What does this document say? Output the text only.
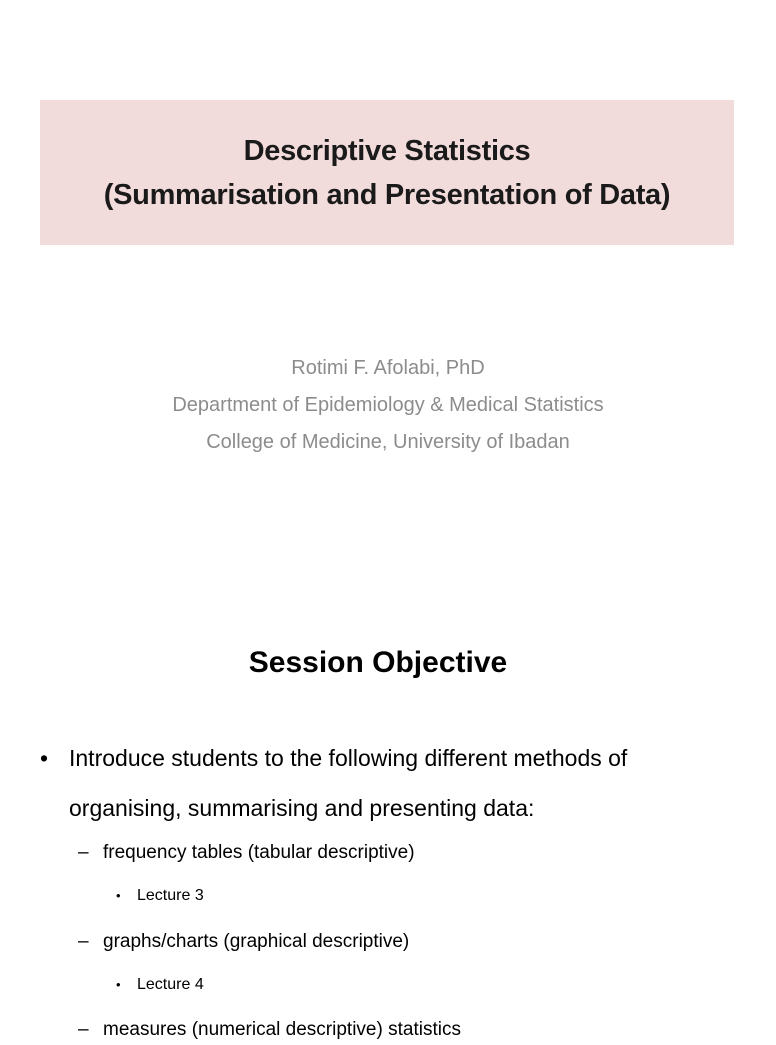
Descriptive Statistics
(Summarisation and Presentation of Data)
Rotimi F. Afolabi, PhD
Department of Epidemiology & Medical Statistics
College of Medicine, University of Ibadan
Session Objective
• Introduce students to the following different methods of organising, summarising and presenting data:
– frequency tables (tabular descriptive)
• Lecture 3
– graphs/charts (graphical descriptive)
• Lecture 4
– measures (numerical descriptive) statistics
